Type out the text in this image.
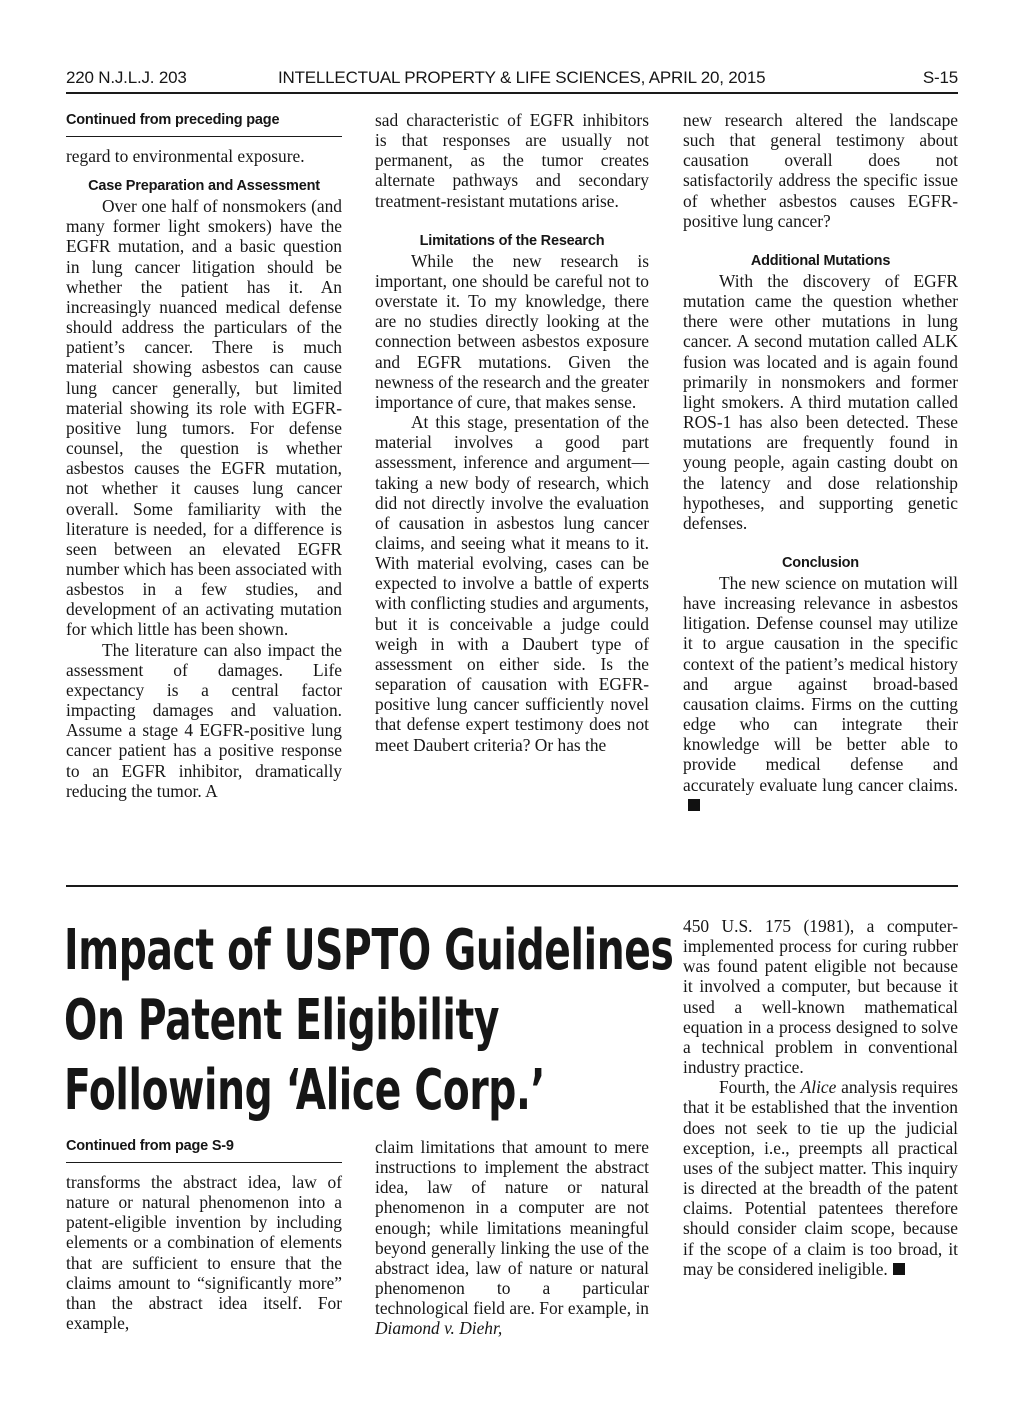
220 N.J.L.J. 203	INTELLECTUAL PROPERTY & LIFE SCIENCES, APRIL 20, 2015	S-15
Continued from preceding page

regard to environmental exposure.

Case Preparation and Assessment

Over one half of nonsmokers (and many former light smokers) have the EGFR mutation, and a basic question in lung cancer litigation should be whether the patient has it. An increasingly nuanced medical defense should address the particulars of the patient’s cancer. There is much material showing asbestos can cause lung cancer generally, but limited material showing its role with EGFR-positive lung tumors. For defense counsel, the question is whether asbestos causes the EGFR mutation, not whether it causes lung cancer overall. Some familiarity with the literature is needed, for a difference is seen between an elevated EGFR number which has been associated with asbestos in a few studies, and development of an activating mutation for which little has been shown.

The literature can also impact the assessment of damages. Life expectancy is a central factor impacting damages and valuation. Assume a stage 4 EGFR-positive lung cancer patient has a positive response to an EGFR inhibitor, dramatically reducing the tumor. A

sad characteristic of EGFR inhibitors is that responses are usually not permanent, as the tumor creates alternate pathways and secondary treatment-resistant mutations arise.

Limitations of the Research

While the new research is important, one should be careful not to overstate it. To my knowledge, there are no studies directly looking at the connection between asbestos exposure and EGFR mutations. Given the newness of the research and the greater importance of cure, that makes sense.

At this stage, presentation of the material involves a good part assessment, inference and argument—taking a new body of research, which did not directly involve the evaluation of causation in asbestos lung cancer claims, and seeing what it means to it. With material evolving, cases can be expected to involve a battle of experts with conflicting studies and arguments, but it is conceivable a judge could weigh in with a Daubert type of assessment on either side. Is the separation of causation with EGFR-positive lung cancer sufficiently novel that defense expert testimony does not meet Daubert criteria? Or has the

new research altered the landscape such that general testimony about causation overall does not satisfactorily address the specific issue of whether asbestos causes EGFR-positive lung cancer?

Additional Mutations

With the discovery of EGFR mutation came the question whether there were other mutations in lung cancer. A second mutation called ALK fusion was located and is again found primarily in nonsmokers and former light smokers. A third mutation called ROS-1 has also been detected. These mutations are frequently found in young people, again casting doubt on the latency and dose relationship hypotheses, and supporting genetic defenses.

Conclusion

The new science on mutation will have increasing relevance in asbestos litigation. Defense counsel may utilize it to argue causation in the specific context of the patient’s medical history and argue against broad-based causation claims. Firms on the cutting edge who can integrate their knowledge will be better able to provide medical defense and accurately evaluate lung cancer claims.

Impact of USPTO Guidelines
On Patent Eligibility
Following ‘Alice Corp.’
Continued from page S-9

transforms the abstract idea, law of nature or natural phenomenon into a patent-eligible invention by including elements or a combination of elements that are sufficient to ensure that the claims amount to “significantly more” than the abstract idea itself. For example,

claim limitations that amount to mere instructions to implement the abstract idea, law of nature or natural phenomenon in a computer are not enough; while limitations meaningful beyond generally linking the use of the abstract idea, law of nature or natural phenomenon to a particular technological field are. For example, in Diamond v. Diehr,

450 U.S. 175 (1981), a computer-implemented process for curing rubber was found patent eligible not because it involved a computer, but because it used a well-known mathematical equation in a process designed to solve a technical problem in conventional industry practice.

Fourth, the Alice analysis requires that it be established that the invention does not seek to tie up the judicial exception, i.e., preempts all practical uses of the subject matter. This inquiry is directed at the breadth of the patent claims. Potential patentees therefore should consider claim scope, because if the scope of a claim is too broad, it may be considered ineligible.
